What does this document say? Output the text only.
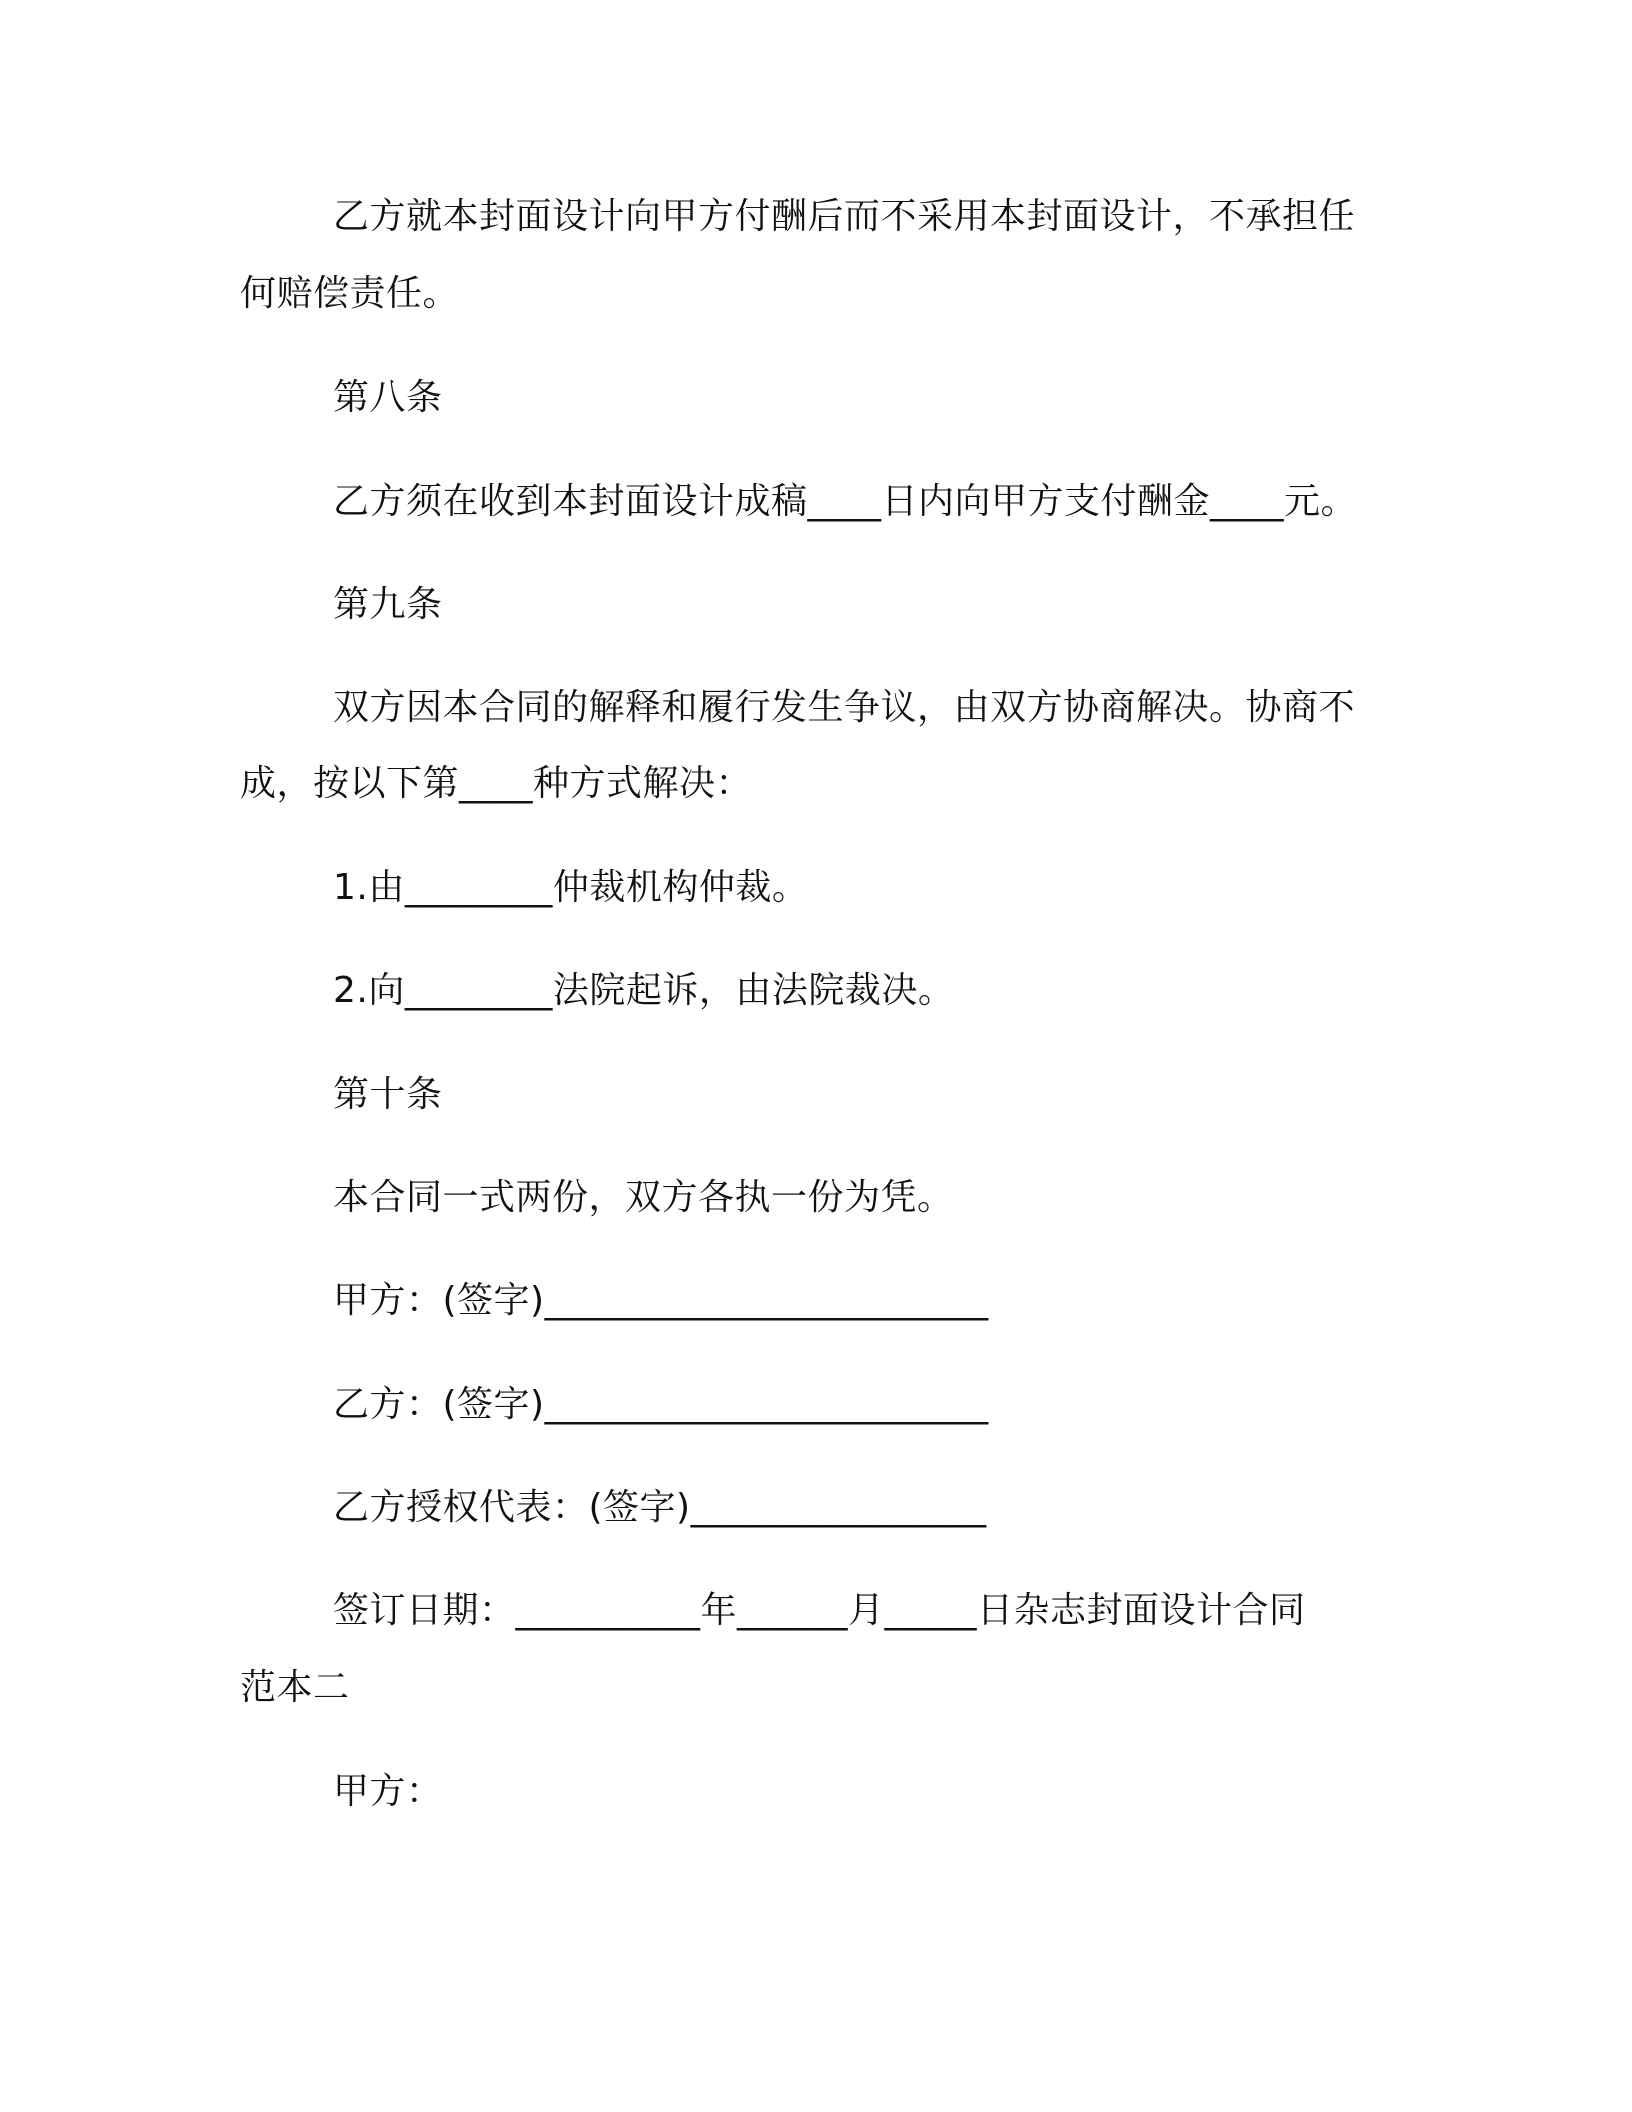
乙方就本封面设计向甲方付酬后而不采用本封面设计，不承担任
何赔偿责任。
第八条
乙方须在收到本封面设计成稿____日内向甲方支付酬金____元。
第九条
双方因本合同的解释和履行发生争议，由双方协商解决。协商不
成，按以下第____种方式解决：
1.由________仲裁机构仲裁。
2.向________法院起诉，由法院裁决。
第十条
本合同一式两份，双方各执一份为凭。
甲方：(签字)________________________
乙方：(签字)________________________
乙方授权代表：(签字)________________
签订日期：__________年______月_____日杂志封面设计合同
范本二
甲方：
